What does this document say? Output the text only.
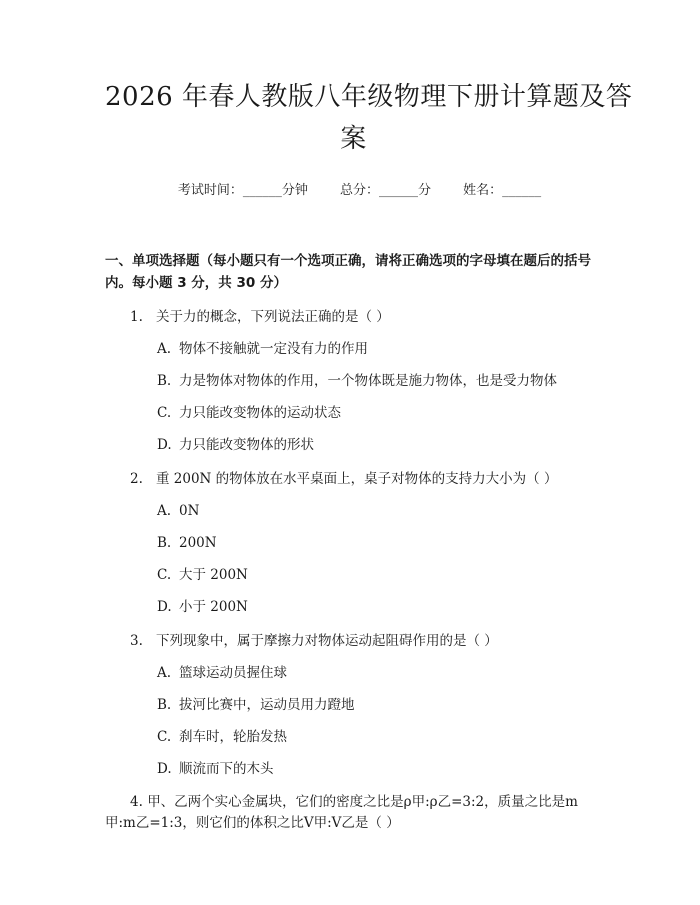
2026 年春人教版八年级物理下册计算题及答
案
考试时间：______分钟 总分：______分 姓名：______
一、单项选择题（每小题只有一个选项正确，请将正确选项的字母填在题后的括号内。每小题 3 分，共 30 分）
1. 关于力的概念，下列说法正确的是（ ）
A. 物体不接触就一定没有力的作用
B. 力是物体对物体的作用，一个物体既是施力物体，也是受力物体
C. 力只能改变物体的运动状态
D. 力只能改变物体的形状
2. 重 200N 的物体放在水平桌面上，桌子对物体的支持力大小为（ ）
A. 0N
B. 200N
C. 大于 200N
D. 小于 200N
3. 下列现象中，属于摩擦力对物体运动起阻碍作用的是（ ）
A. 篮球运动员握住球
B. 拔河比赛中，运动员用力蹬地
C. 刹车时，轮胎发热
D. 顺流而下的木头
4. 甲、乙两个实心金属块，它们的密度之比是ρ甲:ρ乙=3:2，质量之比是m甲:m乙=1:3，则它们的体积之比V甲:V乙是（ ）
